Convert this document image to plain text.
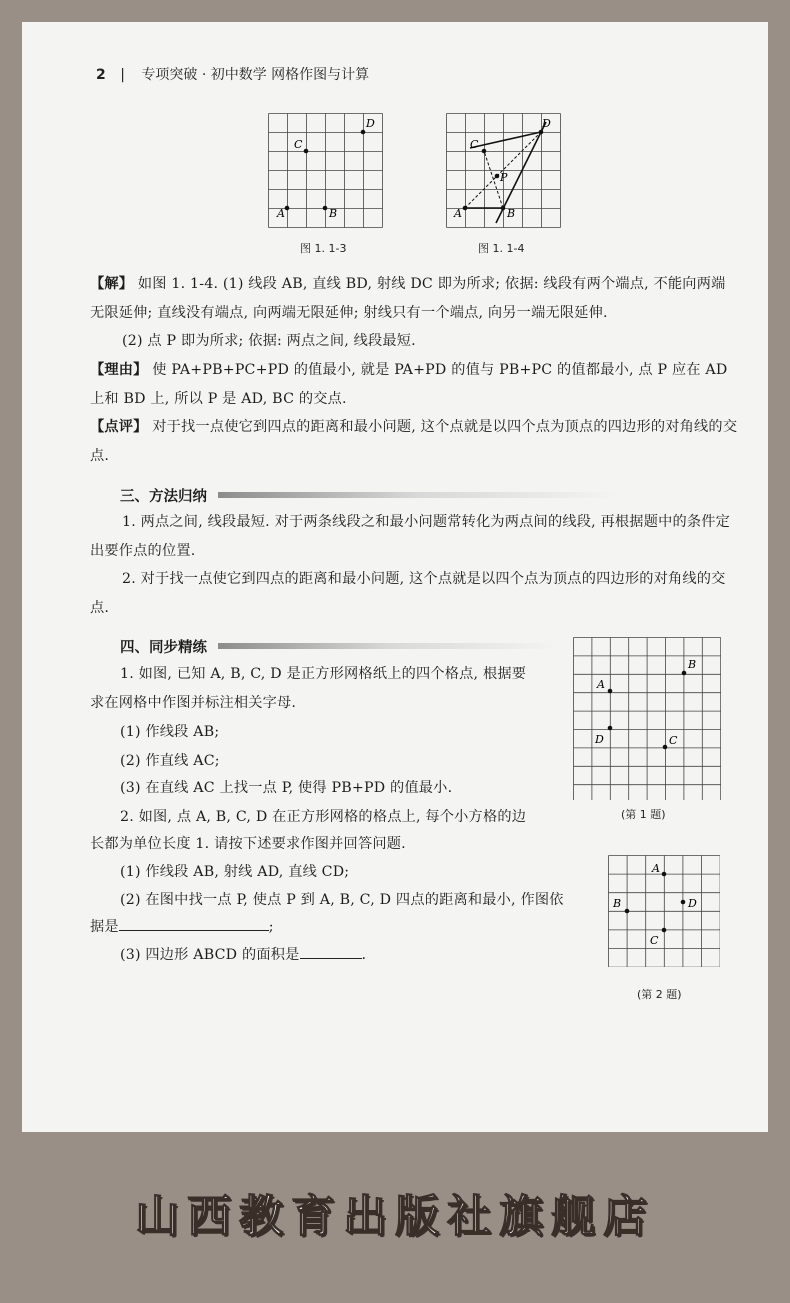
2 | 专项突破 · 初中数学 网格作图与计算
C
D
A	B
图 1. 1-3
C
D
P
A	B
图 1. 1-4
【解】 如图 1. 1-4. (1) 线段 AB, 直线 BD, 射线 DC 即为所求; 依据: 线段有两个端点, 不能向两端无限延伸; 直线没有端点, 向两端无限延伸; 射线只有一个端点, 向另一端无限延伸.
(2) 点 P 即为所求; 依据: 两点之间, 线段最短.
【理由】 使 PA+PB+PC+PD 的值最小, 就是 PA+PD 的值与 PB+PC 的值都最小, 点 P 应在 AD 上和 BD 上, 所以 P 是 AD, BC 的交点.
【点评】 对于找一点使它到四点的距离和最小问题, 这个点就是以四个点为顶点的四边形的对角线的交点.
三、方法归纳
1. 两点之间, 线段最短. 对于两条线段之和最小问题常转化为两点间的线段, 再根据题中的条件定出要作点的位置.
2. 对于找一点使它到四点的距离和最小问题, 这个点就是以四个点为顶点的四边形的对角线的交点.
四、同步精练
1. 如图, 已知 A, B, C, D 是正方形网格纸上的四个格点, 根据要
求在网格中作图并标注相关字母.
(1) 作线段 AB;
(2) 作直线 AC;
(3) 在直线 AC 上找一点 P, 使得 PB+PD 的值最小.
2. 如图, 点 A, B, C, D 在正方形网格的格点上, 每个小方格的边
长都为单位长度 1. 请按下述要求作图并回答问题.
(1) 作线段 AB, 射线 AD, 直线 CD;
(2) 在图中找一点 P, 使点 P 到 A, B, C, D 四点的距离和最小, 作图依
据是	;
(3) 四边形 ABCD 的面积是	.
B
A
D	C
(第 1 题)
A
B	D
C
(第 2 题)
山西教育出版社旗舰店
